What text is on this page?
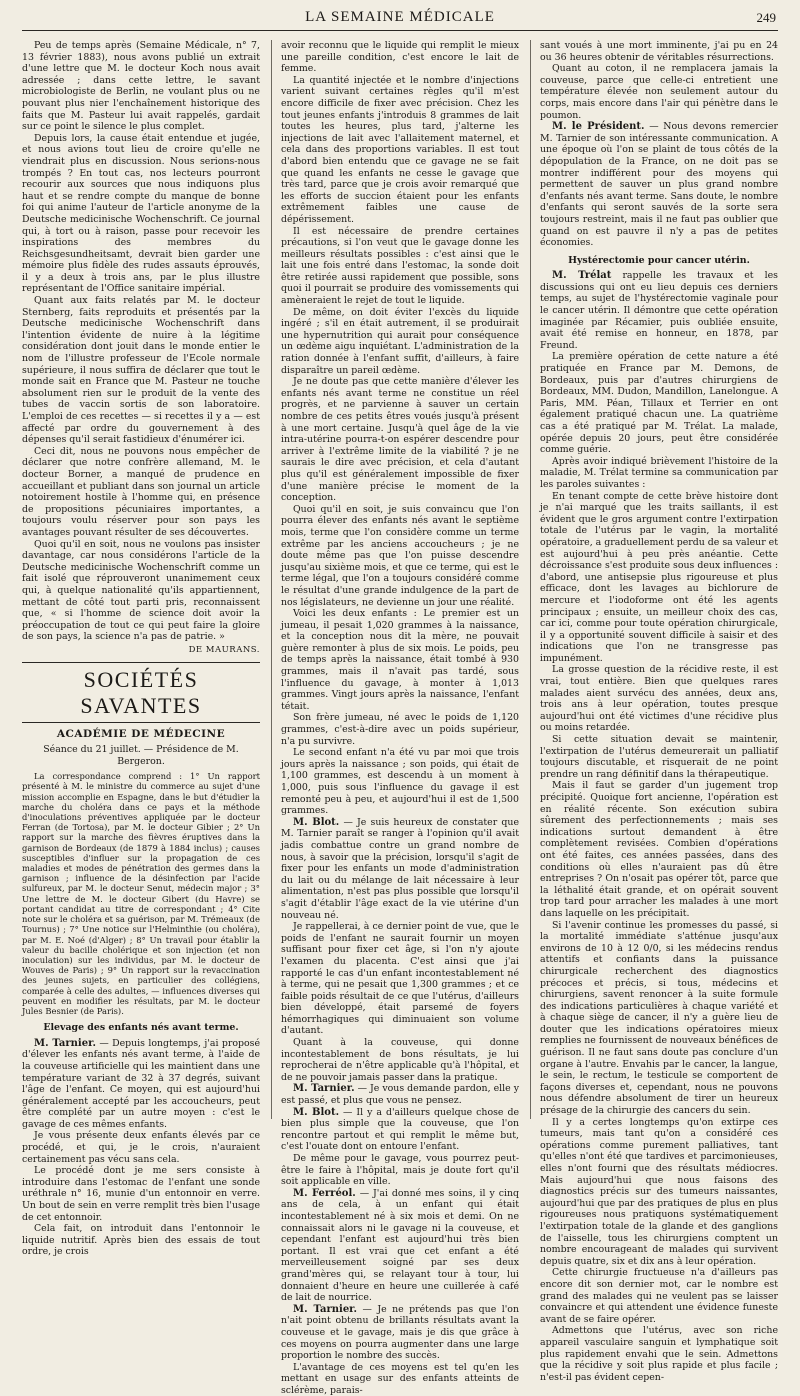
LA SEMAINE MÉDICALE	249

Peu de temps après (Semaine Médicale, n° 7, 13 février 1883), nous avons publié un extrait d'une lettre que M. le docteur Koch nous avait adressée ; dans cette lettre, le savant microbiologiste de Berlin, ne voulant plus ou ne pouvant plus nier l'enchaînement historique des faits que M. Pasteur lui avait rappelés, gardait sur ce point le silence le plus complet.

Depuis lors, la cause était entendue et jugée, et nous avions tout lieu de croire qu'elle ne viendrait plus en discussion. Nous serions-nous trompés ? En tout cas, nos lecteurs pourront recourir aux sources que nous indiquons plus haut et se rendre compte du manque de bonne foi qui anime l'auteur de l'article anonyme de la Deutsche medicinische Wochenschrift. Ce journal qui, à tort ou à raison, passe pour recevoir les inspirations des membres du Reichsgesundheitsamt, devrait bien garder une mémoire plus fidèle des rudes assauts éprouvés, il y a deux à trois ans, par le plus illustre représentant de l'Office sanitaire impérial.

Quant aux faits relatés par M. le docteur Sternberg, faits reproduits et présentés par la Deutsche medicinische Wochenschrift dans l'intention évidente de nuire à la légitime considération dont jouit dans le monde entier le nom de l'illustre professeur de l'Ecole normale supérieure, il nous suffira de déclarer que tout le monde sait en France que M. Pasteur ne touche absolument rien sur le produit de la vente des tubes de vaccin sortis de son laboratoire. L'emploi de ces recettes — si recettes il y a — est affecté par ordre du gouvernement à des dépenses qu'il serait fastidieux d'énumérer ici.

Ceci dit, nous ne pouvons nous empêcher de déclarer que notre confrère allemand, M. le docteur Borner, a manqué de prudence en accueillant et publiant dans son journal un article notoirement hostile à l'homme qui, en présence de propositions pécuniaires importantes, a toujours voulu réserver pour son pays les avantages pouvant résulter de ses découvertes.

Quoi qu'il en soit, nous ne voulons pas insister davantage, car nous considérons l'article de la Deutsche medicinische Wochenschrift comme un fait isolé que réprouveront unanimement ceux qui, à quelque nationalité qu'ils appartiennent, mettant de côté tout parti pris, reconnaissent que, « si l'homme de science doit avoir la préoccupation de tout ce qui peut faire la gloire de son pays, la science n'a pas de patrie. »

DE MAURANS.
SOCIÉTÉS SAVANTES
ACADÉMIE DE MÉDECINE
Séance du 21 juillet. — Présidence de M. Bergeron.

La correspondance comprend : 1° Un rapport présenté à M. le ministre du commerce au sujet d'une mission accomplie en Espagne, dans le but d'étudier la marche du choléra dans ce pays et la méthode d'inoculations préventives appliquée par le docteur Ferran (de Tortosa), par M. le docteur Gibier ; 2° Un rapport sur la marche des fièvres éruptives dans la garnison de Bordeaux (de 1879 à 1884 inclus) ; causes susceptibles d'influer sur la propagation de ces maladies et modes de pénétration des germes dans la garnison ; influence de la désinfection par l'acide sulfureux, par M. le docteur Senut, médecin major ; 3° Une lettre de M. le docteur Gibert (du Havre) se portant candidat au titre de correspondant ; 4° Cite note sur le choléra et sa guérison, par M. Trémeaux (de Tournus) ; 7° Une notice sur l'Helminthie (ou choléra), par M. E. Noé (d'Alger) ; 8° Un travail pour établir la valeur du bacille cholérique et son injection (et non inoculation) sur les individus, par M. le docteur de Wouves de Paris) ; 9° Un rapport sur la revaccination des jeunes sujets, en particulier des collégiens, comparée à celle des adultes, — influences diverses qui peuvent en modifier les résultats, par M. le docteur Jules Besnier (de Paris).

Elevage des enfants nés avant terme.

M. Tarnier. — Depuis longtemps, j'ai proposé d'élever les enfants nés avant terme, à l'aide de la couveuse artificielle qui les maintient dans une température variant de 32 à 37 degrés, suivant l'âge de l'enfant. Ce moyen, qui est aujourd'hui généralement accepté par les accoucheurs, peut être complété par un autre moyen : c'est le gavage de ces mêmes enfants.

Je vous présente deux enfants élevés par ce procédé, et qui, je le crois, n'auraient certainement pas vécu sans cela.

Le procédé dont je me sers consiste à introduire dans l'estomac de l'enfant une sonde uréthrale n° 16, munie d'un entonnoir en verre. Un bout de sein en verre remplit très bien l'usage de cet entonnoir.

Cela fait, on introduit dans l'entonnoir le liquide nutritif. Après bien des essais de tout ordre, je crois

avoir reconnu que le liquide qui remplit le mieux une pareille condition, c'est encore le lait de femme.

La quantité injectée et le nombre d'injections varient suivant certaines règles qu'il m'est encore difficile de fixer avec précision. Chez les tout jeunes enfants j'introduis 8 grammes de lait toutes les heures, plus tard, j'alterne les injections de lait avec l'allaitement maternel, et cela dans des proportions variables. Il est tout d'abord bien entendu que ce gavage ne se fait que quand les enfants ne cesse le gavage que très tard, parce que je crois avoir remarqué que les efforts de succion étaient pour les enfants extrêmement faibles une cause de dépérissement.

Il est nécessaire de prendre certaines précautions, si l'on veut que le gavage donne les meilleurs résultats possibles : c'est ainsi que le lait une fois entré dans l'estomac, la sonde doit être retirée aussi rapidement que possible, sons quoi il pourrait se produire des vomissements qui amèneraient le rejet de tout le liquide.

De même, on doit éviter l'excès du liquide ingéré ; s'il en était autrement, il se produirait une hypernutrition qui aurait pour conséquence un œdème aigu inquiétant. L'administration de la ration donnée à l'enfant suffit, d'ailleurs, à faire disparaître un pareil œdème.

Je ne doute pas que cette manière d'élever les enfants nés avant terme ne constitue un réel progrès, et ne parvienne à sauver un certain nombre de ces petits êtres voués jusqu'à présent à une mort certaine. Jusqu'à quel âge de la vie intra-utérine pourra-t-on espérer descendre pour arriver à l'extrême limite de la viabilité ? je ne saurais le dire avec précision, et cela d'autant plus qu'il est généralement impossible de fixer d'une manière précise le moment de la conception.

Quoi qu'il en soit, je suis convaincu que l'on pourra élever des enfants nés avant le septième mois, terme que l'on considère comme un terme extrême par les anciens accoucheurs ; je ne doute même pas que l'on puisse descendre jusqu'au sixième mois, et que ce terme, qui est le terme légal, que l'on a toujours considéré comme le résultat d'une grande indulgence de la part de nos législateurs, ne devienne un jour une réalité.

Voici les deux enfants : Le premier est un jumeau, il pesait 1,020 grammes à la naissance, et la conception nous dit la mère, ne pouvait guère remonter à plus de six mois. Le poids, peu de temps après la naissance, était tombé à 930 grammes, mais il n'avait pas tardé, sous l'influence du gavage, à monter à 1,013 grammes. Vingt jours après la naissance, l'enfant tétait.

Son frère jumeau, né avec le poids de 1,120 grammes, c'est-à-dire avec un poids supérieur, n'a pu survivre.

Le second enfant n'a été vu par moi que trois jours après la naissance ; son poids, qui était de 1,100 grammes, est descendu à un moment à 1,000, puis sous l'influence du gavage il est remonté peu à peu, et aujourd'hui il est de 1,500 grammes.

M. Blot. — Je suis heureux de constater que M. Tarnier paraît se ranger à l'opinion qu'il avait jadis combattue contre un grand nombre de nous, à savoir que la précision, lorsqu'il s'agit de fixer pour les enfants un mode d'administration du lait ou du mélange de lait nécessaire à leur alimentation, n'est pas plus possible que lorsqu'il s'agit d'établir l'âge exact de la vie utérine d'un nouveau né.

Je rappellerai, à ce dernier point de vue, que le poids de l'enfant ne saurait fournir un moyen suffisant pour fixer cet âge, si l'on n'y ajoute l'examen du placenta. C'est ainsi que j'ai rapporté le cas d'un enfant incontestablement né à terme, qui ne pesait que 1,300 grammes ; et ce faible poids résultait de ce que l'utérus, d'ailleurs bien développé, était parsemé de foyers hémorrhagiques qui diminuaient son volume d'autant.

Quant à la couveuse, qui donne incontestablement de bons résultats, je lui reprocherai de n'être applicable qu'à l'hôpital, et de ne pouvoir jamais passer dans la pratique.

M. Tarnier. — Je vous demande pardon, elle y est passé, et plus que vous ne pensez.

M. Blot. — Il y a d'ailleurs quelque chose de bien plus simple que la couveuse, que l'on rencontre partout et qui remplit le même but, c'est l'ouate dont on entoure l'enfant.

De même pour le gavage, vous pourrez peut-être le faire à l'hôpital, mais je doute fort qu'il soit applicable en ville.

M. Ferréol. — J'ai donné mes soins, il y cinq ans de cela, à un enfant qui était incontestablement né à six mois et demi. On ne connaissait alors ni le gavage ni la couveuse, et cependant l'enfant est aujourd'hui très bien portant. Il est vrai que cet enfant a été merveilleusement soigné par ses deux grand'mères qui, se relayant tour à tour, lui donnaient d'heure en heure une cuillerée à café de lait de nourrice.

M. Tarnier. — Je ne prétends pas que l'on n'ait point obtenu de brillants résultats avant la couveuse et le gavage, mais je dis que grâce à ces moyens on pourra augmenter dans une large proportion le nombre des succès.

L'avantage de ces moyens est tel qu'en les mettant en usage sur des enfants atteints de sclérème, parais-

sant voués à une mort imminente, j'ai pu en 24 ou 36 heures obtenir de véritables résurrections.

Quant au coton, il ne remplacera jamais la couveuse, parce que celle-ci entretient une température élevée non seulement autour du corps, mais encore dans l'air qui pénètre dans le poumon.

M. le Président. — Nous devons remercier M. Tarnier de son intéressante communication. A une époque où l'on se plaint de tous côtés de la dépopulation de la France, on ne doit pas se montrer indifférent pour des moyens qui permettent de sauver un plus grand nombre d'enfants nés avant terme. Sans doute, le nombre d'enfants qui seront sauvés de la sorte sera toujours restreint, mais il ne faut pas oublier que quand on est pauvre il n'y a pas de petites économies.

Hystérectomie pour cancer utérin.

M. Trélat rappelle les travaux et les discussions qui ont eu lieu depuis ces derniers temps, au sujet de l'hystérectomie vaginale pour le cancer utérin. Il démontre que cette opération imaginée par Récamier, puis oubliée ensuite, avait été remise en honneur, en 1878, par Freund.

La première opération de cette nature a été pratiquée en France par M. Demons, de Bordeaux, puis par d'autres chirurgiens de Bordeaux, MM. Dudon, Mandillon, Lanelongue. A Paris, MM. Péan, Tillaux et Terrier en ont également pratiqué chacun une. La quatrième cas a été pratiqué par M. Trélat. La malade, opérée depuis 20 jours, peut être considérée comme guérie.

Après avoir indiqué brièvement l'histoire de la maladie, M. Trélat termine sa communication par les paroles suivantes :

En tenant compte de cette brève histoire dont je n'ai marqué que les traits saillants, il est évident que le gros argument contre l'extirpation totale de l'utérus par le vagin, la mortalité opératoire, a graduellement perdu de sa valeur et est aujourd'hui à peu près anéantie. Cette décroissance s'est produite sous deux influences : d'abord, une antisepsie plus rigoureuse et plus efficace, dont les lavages au bichlorure de mercure et l'iodoforme ont été les agents principaux ; ensuite, un meilleur choix des cas, car ici, comme pour toute opération chirurgicale, il y a opportunité souvent difficile à saisir et des indications que l'on ne transgresse pas impunément.

La grosse question de la récidive reste, il est vrai, tout entière. Bien que quelques rares malades aient survécu des années, deux ans, trois ans à leur opération, toutes presque aujourd'hui ont été victimes d'une récidive plus ou moins retardée.

Si cette situation devait se maintenir, l'extirpation de l'utérus demeurerait un palliatif toujours discutable, et risquerait de ne point prendre un rang définitif dans la thérapeutique.

Mais il faut se garder d'un jugement trop précipité. Quoique fort ancienne, l'opération est en réalité récente. Son exécution subira sûrement des perfectionnements ; mais ses indications surtout demandent à être complètement revisées. Combien d'opérations ont été faites, ces années passées, dans des conditions où elles n'auraient pas dû être entreprises ? On n'osait pas opérer tôt, parce que la léthalité était grande, et on opérait souvent trop tard pour arracher les malades à une mort dans laquelle on les précipitait.

Si l'avenir continue les promesses du passé, si la mortalité immédiate s'atténue jusqu'aux environs de 10 à 12 0/0, si les médecins rendus attentifs et confiants dans la puissance chirurgicale recherchent des diagnostics précoces et précis, si tous, médecins et chirurgiens, savent renoncer à la suite formule des indications particulières à chaque variété et à chaque siège de cancer, il n'y a guère lieu de douter que les indications opératoires mieux remplies ne fournissent de nouveaux bénéfices de guérison. Il ne faut sans doute pas conclure d'un organe à l'autre. Envahis par le cancer, la langue, le sein, le rectum, le testicule se comportent de façons diverses et, cependant, nous ne pouvons nous défendre absolument de tirer un heureux présage de la chirurgie des cancers du sein.

Il y a certes longtemps qu'on extirpe ces tumeurs, mais tant qu'on a considéré ces opérations comme purement palliatives, tant qu'elles n'ont été que tardives et parcimonieuses, elles n'ont fourni que des résultats médiocres. Mais aujourd'hui que nous faisons des diagnostics précis sur des tumeurs naissantes, aujourd'hui que par des pratiques de plus en plus rigoureuses nous pratiquons systématiquement l'extirpation totale de la glande et des ganglions de l'aisselle, tous les chirurgiens comptent un nombre encourageant de malades qui survivent depuis quatre, six et dix ans à leur opération.

Cette chirurgie fructueuse n'a d'ailleurs pas encore dit son dernier mot, car le nombre est grand des malades qui ne veulent pas se laisser convaincre et qui attendent une évidence funeste avant de se faire opérer.

Admettons que l'utérus, avec son riche appareil vasculaire sanguin et lymphatique soit plus rapidement envahi que le sein. Admettons que la récidive y soit plus rapide et plus facile ; n'est-il pas évident cepen-
